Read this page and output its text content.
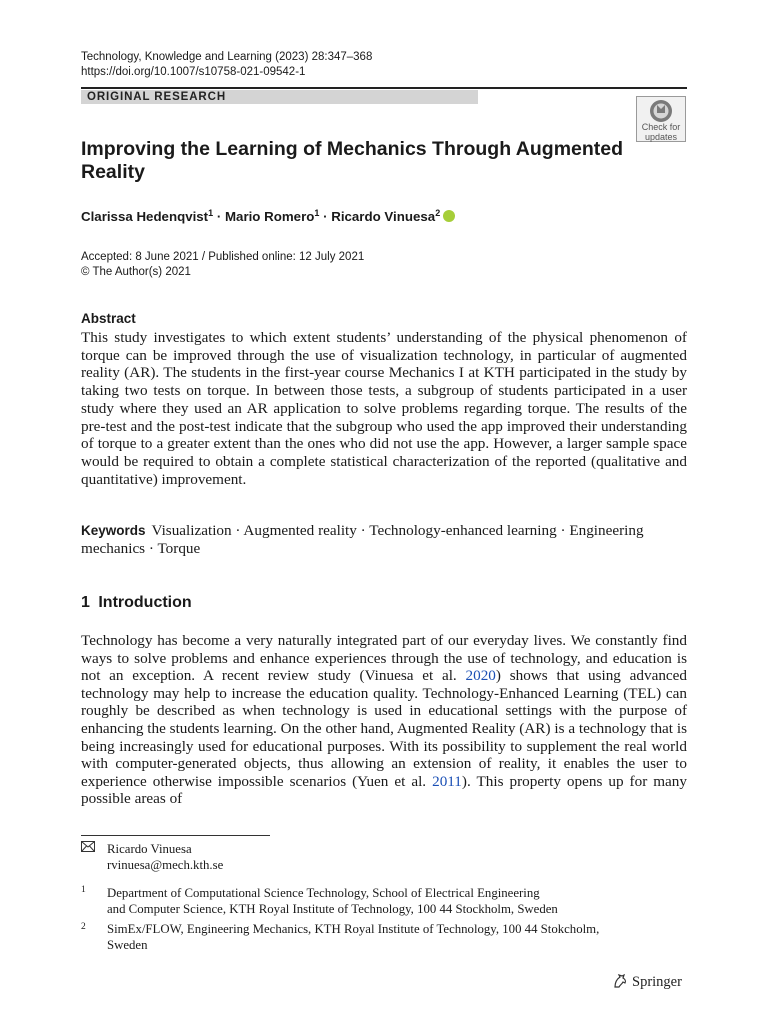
Technology, Knowledge and Learning (2023) 28:347–368
https://doi.org/10.1007/s10758-021-09542-1
ORIGINAL RESEARCH
Check for
updates
Improving the Learning of Mechanics Through Augmented Reality
Clarissa Hedenqvist$^1$ · Mario Romero$^1$ · Ricardo Vinuesa$^2$
Accepted: 8 June 2021 / Published online: 12 July 2021
© The Author(s) 2021
Abstract
This study investigates to which extent students’ understanding of the physical phenomenon of torque can be improved through the use of visualization technology, in particular of augmented reality (AR). The students in the first-year course Mechanics I at KTH participated in the study by taking two tests on torque. In between those tests, a subgroup of students participated in a user study where they used an AR application to solve problems regarding torque. The results of the pre-test and the post-test indicate that the subgroup who used the app improved their understanding of torque to a greater extent than the ones who did not use the app. However, a larger sample space would be required to obtain a complete statistical characterization of the reported (qualitative and quantitative) improvement.
Keywords Visualization · Augmented reality · Technology-enhanced learning · Engineering mechanics · Torque
1 Introduction
Technology has become a very naturally integrated part of our everyday lives. We constantly find ways to solve problems and enhance experiences through the use of technology, and education is not an exception. A recent review study (Vinuesa et al. 2020) shows that using advanced technology may help to increase the education quality. Technology-Enhanced Learning (TEL) can roughly be described as when technology is used in educational settings with the purpose of enhancing the students learning. On the other hand, Augmented Reality (AR) is a technology that is being increasingly used for educational purposes. With its possibility to supplement the real world with computer-generated objects, thus allowing an extension of reality, it enables the user to experience otherwise impossible scenarios (Yuen et al. 2011). This property opens up for many possible areas of
Ricardo Vinuesa
rvinuesa@mech.kth.se
1 Department of Computational Science Technology, School of Electrical Engineering
and Computer Science, KTH Royal Institute of Technology, 100 44 Stockholm, Sweden
2 SimEx/FLOW, Engineering Mechanics, KTH Royal Institute of Technology, 100 44 Stokcholm,
Sweden
Springer
